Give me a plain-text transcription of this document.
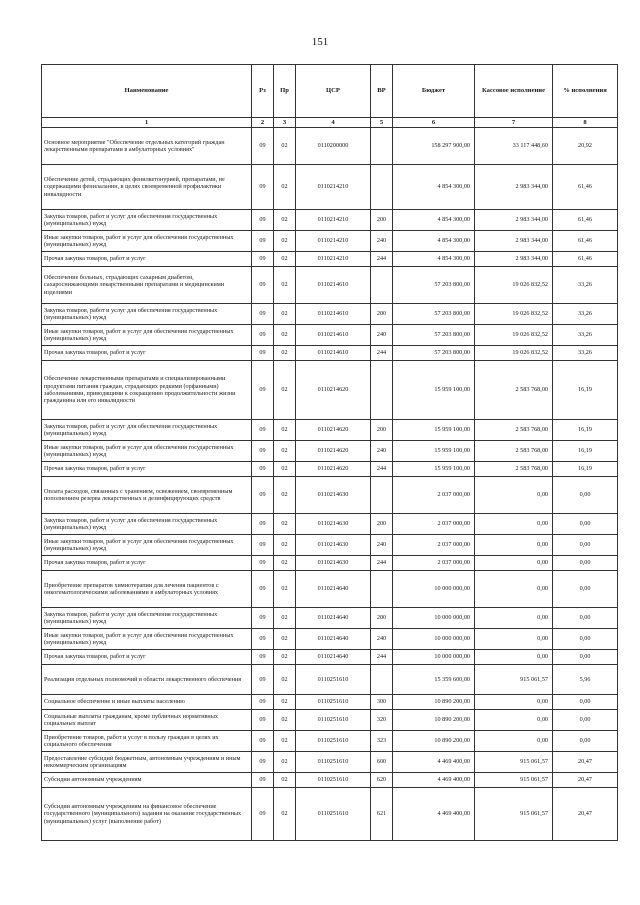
151
Наименование	Рз	Пр	ЦСР	ВР	Бюджет	Кассовое исполнение	% исполнения
1	2	3	4	5	6	7	8
Основное мероприятие "Обеспечение отдельных категорий граждан лекарственными препаратами в амбулаторных условиях"	09	02	0110200000		158 297 900,00	33 117 448,60	20,92
Обеспечение детей, страдающих фенилкетонурией, препаратами, не содержащими фенилаланин, в целях своевременной профилактики инвалидности	09	02	0110214210		4 854 300,00	2 983 344,00	61,46
Закупка товаров, работ и услуг для обеспечения государственных (муниципальных) нужд	09	02	0110214210	200	4 854 300,00	2 983 344,00	61,46
Иные закупки товаров, работ и услуг для обеспечения государственных (муниципальных) нужд	09	02	0110214210	240	4 854 300,00	2 983 344,00	61,46
Прочая закупка товаров, работ и услуг	09	02	0110214210	244	4 854 300,00	2 983 344,00	61,46
Обеспечение больных, страдающих сахарным диабетом, сахароснижающими лекарственными препаратами и медицинскими изделиями	09	02	0110214610		57 203 800,00	19 026 832,52	33,26
Закупка товаров, работ и услуг для обеспечения государственных (муниципальных) нужд	09	02	0110214610	200	57 203 800,00	19 026 832,52	33,26
Иные закупки товаров, работ и услуг для обеспечения государственных (муниципальных) нужд	09	02	0110214610	240	57 203 800,00	19 026 832,52	33,26
Прочая закупка товаров, работ и услуг	09	02	0110214610	244	57 203 800,00	19 026 832,52	33,26
Обеспечение лекарственными препаратами и специализированными продуктами питания граждан, страдающих редкими (орфанными) заболеваниями, приводящими к сокращению продолжительности жизни гражданина или его инвалидности	09	02	0110214620		15 959 100,00	2 583 768,00	16,19
Закупка товаров, работ и услуг для обеспечения государственных (муниципальных) нужд	09	02	0110214620	200	15 959 100,00	2 583 768,00	16,19
Иные закупки товаров, работ и услуг для обеспечения государственных (муниципальных) нужд	09	02	0110214620	240	15 959 100,00	2 583 768,00	16,19
Прочая закупка товаров, работ и услуг	09	02	0110214620	244	15 959 100,00	2 583 768,00	16,19
Оплата расходов, связанных с хранением, освежением, своевременным пополнением резерва лекарственных и дезинфицирующих средств	09	02	0110214630		2 037 000,00	0,00	0,00
Закупка товаров, работ и услуг для обеспечения государственных (муниципальных) нужд	09	02	0110214630	200	2 037 000,00	0,00	0,00
Иные закупки товаров, работ и услуг для обеспечения государственных (муниципальных) нужд	09	02	0110214630	240	2 037 000,00	0,00	0,00
Прочая закупка товаров, работ и услуг	09	02	0110214630	244	2 037 000,00	0,00	0,00
Приобретение препаратов химиотерапии для лечения пациентов с онкогематологическими заболеваниями в амбулаторных условиях	09	02	0110214640		10 000 000,00	0,00	0,00
Закупка товаров, работ и услуг для обеспечения государственных (муниципальных) нужд	09	02	0110214640	200	10 000 000,00	0,00	0,00
Иные закупки товаров, работ и услуг для обеспечения государственных (муниципальных) нужд	09	02	0110214640	240	10 000 000,00	0,00	0,00
Прочая закупка товаров, работ и услуг	09	02	0110214640	244	10 000 000,00	0,00	0,00
Реализация отдельных полномочий в области лекарственного обеспечения	09	02	0110251610		15 359 600,00	915 061,57	5,96
Социальное обеспечение и иные выплаты населению	09	02	0110251610	300	10 890 200,00	0,00	0,00
Социальные выплаты гражданам, кроме публичных нормативных социальных выплат	09	02	0110251610	320	10 890 200,00	0,00	0,00
Приобретение товаров, работ и услуг в пользу граждан в целях их социального обеспечения	09	02	0110251610	323	10 890 200,00	0,00	0,00
Предоставление субсидий бюджетным, автономным учреждениям и иным некоммерческим организациям	09	02	0110251610	600	4 469 400,00	915 061,57	20,47
Субсидии автономным учреждениям	09	02	0110251610	620	4 469 400,00	915 061,57	20,47
Субсидии автономным учреждениям на финансовое обеспечение государственного (муниципального) задания на оказание государственных (муниципальных) услуг (выполнение работ)	09	02	0110251610	621	4 469 400,00	915 061,57	20,47
